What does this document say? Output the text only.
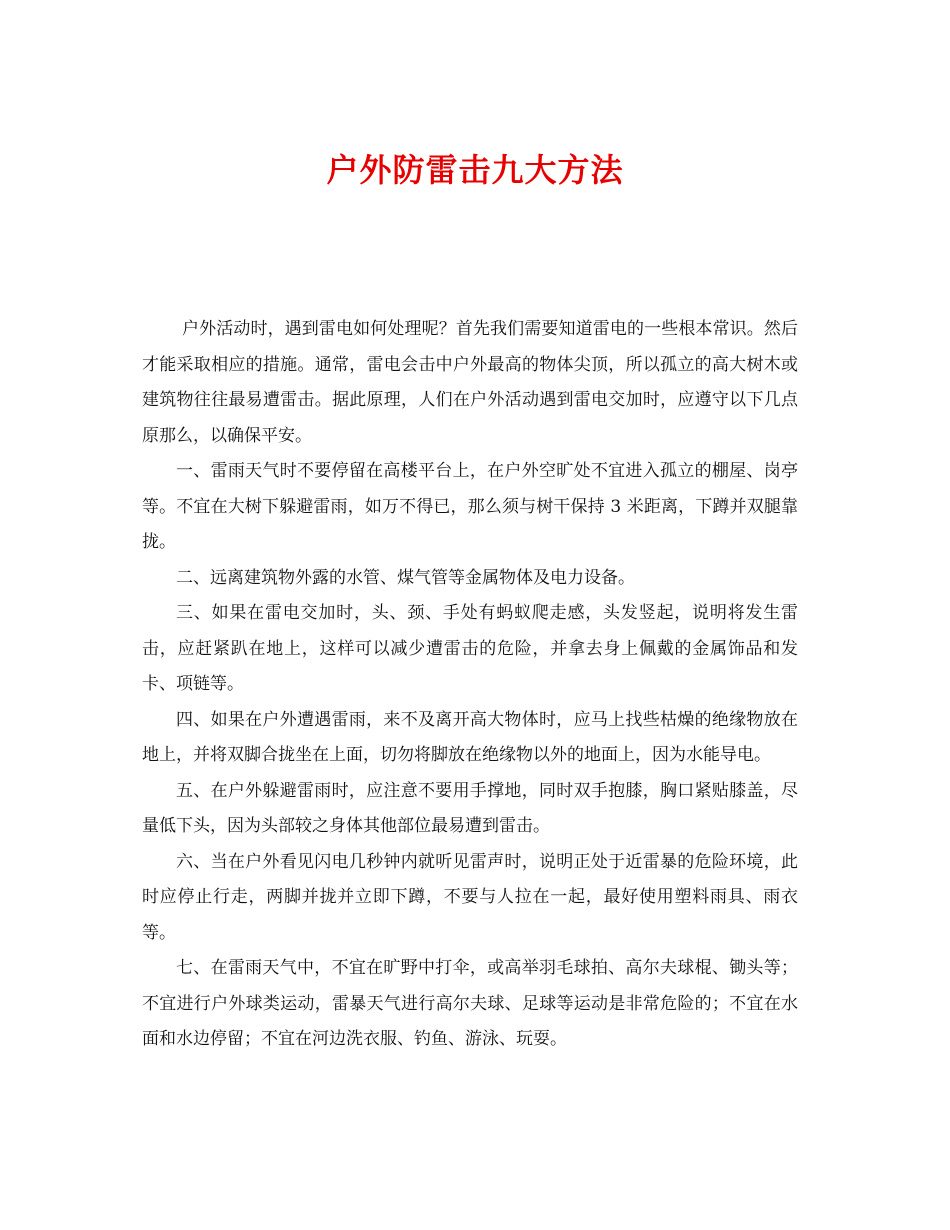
户外防雷击九大方法

户外活动时，遇到雷电如何处理呢？首先我们需要知道雷电的一些根本常识。然后才能采取相应的措施。通常，雷电会击中户外最高的物体尖顶，所以孤立的高大树木或建筑物往往最易遭雷击。据此原理，人们在户外活动遇到雷电交加时，应遵守以下几点原那么，以确保平安。

一、雷雨天气时不要停留在高楼平台上，在户外空旷处不宜进入孤立的棚屋、岗亭等。不宜在大树下躲避雷雨，如万不得已，那么须与树干保持 3 米距离，下蹲并双腿靠拢。

二、远离建筑物外露的水管、煤气管等金属物体及电力设备。

三、如果在雷电交加时，头、颈、手处有蚂蚁爬走感，头发竖起，说明将发生雷击，应赶紧趴在地上，这样可以减少遭雷击的危险，并拿去身上佩戴的金属饰品和发卡、项链等。

四、如果在户外遭遇雷雨，来不及离开高大物体时，应马上找些枯燥的绝缘物放在地上，并将双脚合拢坐在上面，切勿将脚放在绝缘物以外的地面上，因为水能导电。

五、在户外躲避雷雨时，应注意不要用手撑地，同时双手抱膝，胸口紧贴膝盖，尽量低下头，因为头部较之身体其他部位最易遭到雷击。

六、当在户外看见闪电几秒钟内就听见雷声时，说明正处于近雷暴的危险环境，此时应停止行走，两脚并拢并立即下蹲，不要与人拉在一起，最好使用塑料雨具、雨衣等。

七、在雷雨天气中，不宜在旷野中打伞，或高举羽毛球拍、高尔夫球棍、锄头等；不宜进行户外球类运动，雷暴天气进行高尔夫球、足球等运动是非常危险的；不宜在水面和水边停留；不宜在河边洗衣服、钓鱼、游泳、玩耍。
